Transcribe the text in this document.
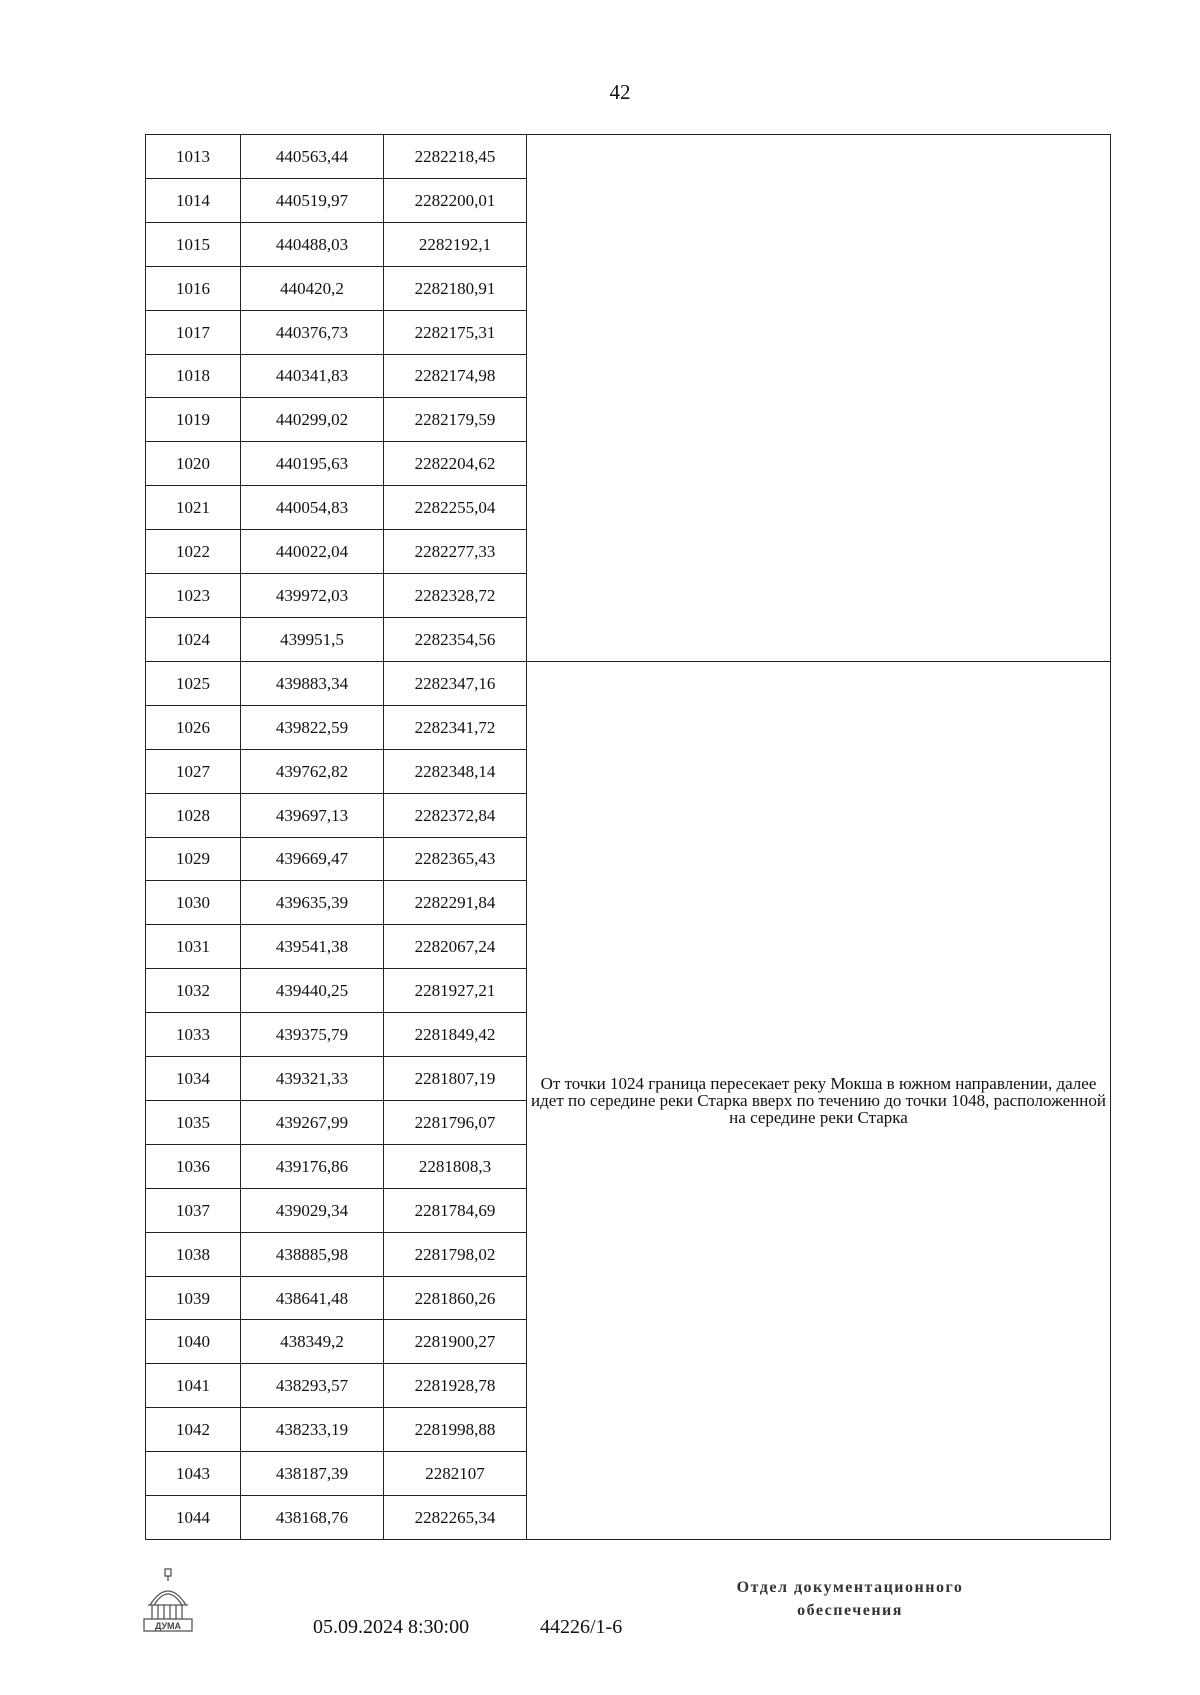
42
1013	440563,44	2282218,45	
1014	440519,97	2282200,01	
1015	440488,03	2282192,1	
1016	440420,2	2282180,91	
1017	440376,73	2282175,31	
1018	440341,83	2282174,98	
1019	440299,02	2282179,59	
1020	440195,63	2282204,62	
1021	440054,83	2282255,04	
1022	440022,04	2282277,33	
1023	439972,03	2282328,72	
1024	439951,5	2282354,56	
1025	439883,34	2282347,16	От точки 1024 граница пересекает реку Мокша в южном направлении, далее идет по середине реки Старка вверх по течению до точки 1048, расположенной на середине реки Старка
1026	439822,59	2282341,72	
1027	439762,82	2282348,14	
1028	439697,13	2282372,84	
1029	439669,47	2282365,43	
1030	439635,39	2282291,84	
1031	439541,38	2282067,24	
1032	439440,25	2281927,21	
1033	439375,79	2281849,42	
1034	439321,33	2281807,19	
1035	439267,99	2281796,07	
1036	439176,86	2281808,3	
1037	439029,34	2281784,69	
1038	438885,98	2281798,02	
1039	438641,48	2281860,26	
1040	438349,2	2281900,27	
1041	438293,57	2281928,78	
1042	438233,19	2281998,88	
1043	438187,39	2282107	
1044	438168,76	2282265,34	
ДУМА	05.09.2024 8:30:00	44226/1-6
Отдел документационного
обеспечения
